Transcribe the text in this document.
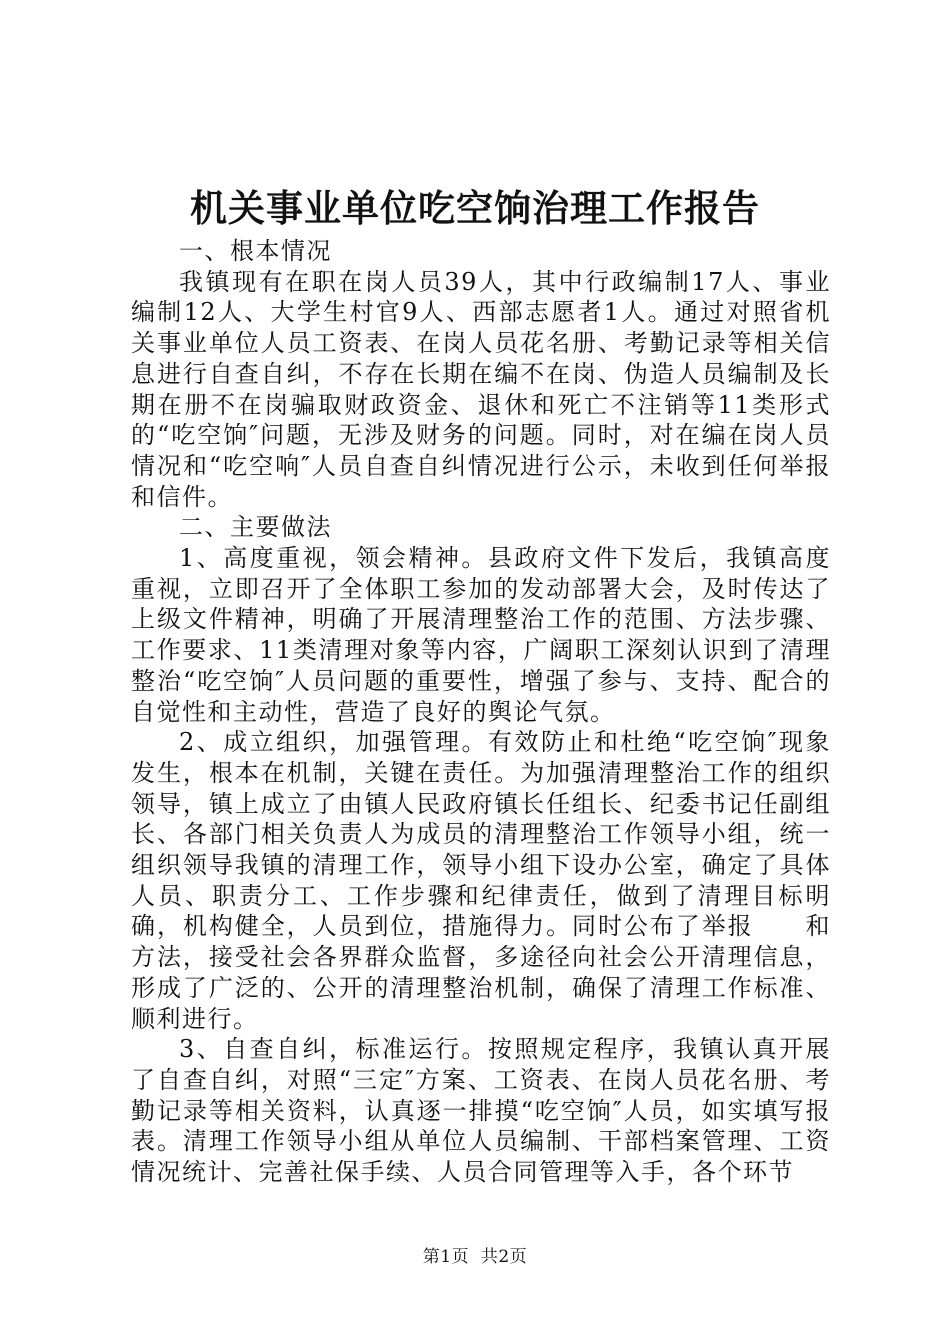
机关事业单位吃空饷治理工作报告

一、根本情况

我镇现有在职在岗人员39人，其中行政编制17人、事业编制12人、大学生村官9人、西部志愿者1人。通过对照省机关事业单位人员工资表、在岗人员花名册、考勤记录等相关信息进行自查自纠，不存在长期在编不在岗、伪造人员编制及长期在册不在岗骗取财政资金、退休和死亡不注销等11类形式的“吃空饷″问题，无涉及财务的问题。同时，对在编在岗人员情况和“吃空响″人员自查自纠情况进行公示，未收到任何举报　　和信件。

二、主要做法

1、高度重视，领会精神。县政府文件下发后，我镇高度重视，立即召开了全体职工参加的发动部署大会，及时传达了上级文件精神，明确了开展清理整治工作的范围、方法步骤、工作要求、11类清理对象等内容，广阔职工深刻认识到了清理整治“吃空饷″人员问题的重要性，增强了参与、支持、配合的自觉性和主动性，营造了良好的舆论气氛。

2、成立组织，加强管理。有效防止和杜绝“吃空饷″现象发生，根本在机制，关键在责任。为加强清理整治工作的组织领导，镇上成立了由镇人民政府镇长任组长、纪委书记任副组长、各部门相关负责人为成员的清理整治工作领导小组，统一组织领导我镇的清理工作，领导小组下设办公室，确定了具体人员、职责分工、工作步骤和纪律责任，做到了清理目标明确，机构健全，人员到位，措施得力。同时公布了举报　　和方法，接受社会各界群众监督，多途径向社会公开清理信息，形成了广泛的、公开的清理整治机制，确保了清理工作标准、顺利进行。

3、自查自纠，标准运行。按照规定程序，我镇认真开展了自查自纠，对照“三定″方案、工资表、在岗人员花名册、考勤记录等相关资料，认真逐一排摸“吃空饷″人员，如实填写报表。清理工作领导小组从单位人员编制、干部档案管理、工资情况统计、完善社保手续、人员合同管理等入手，各个环节

第1页  共2页
